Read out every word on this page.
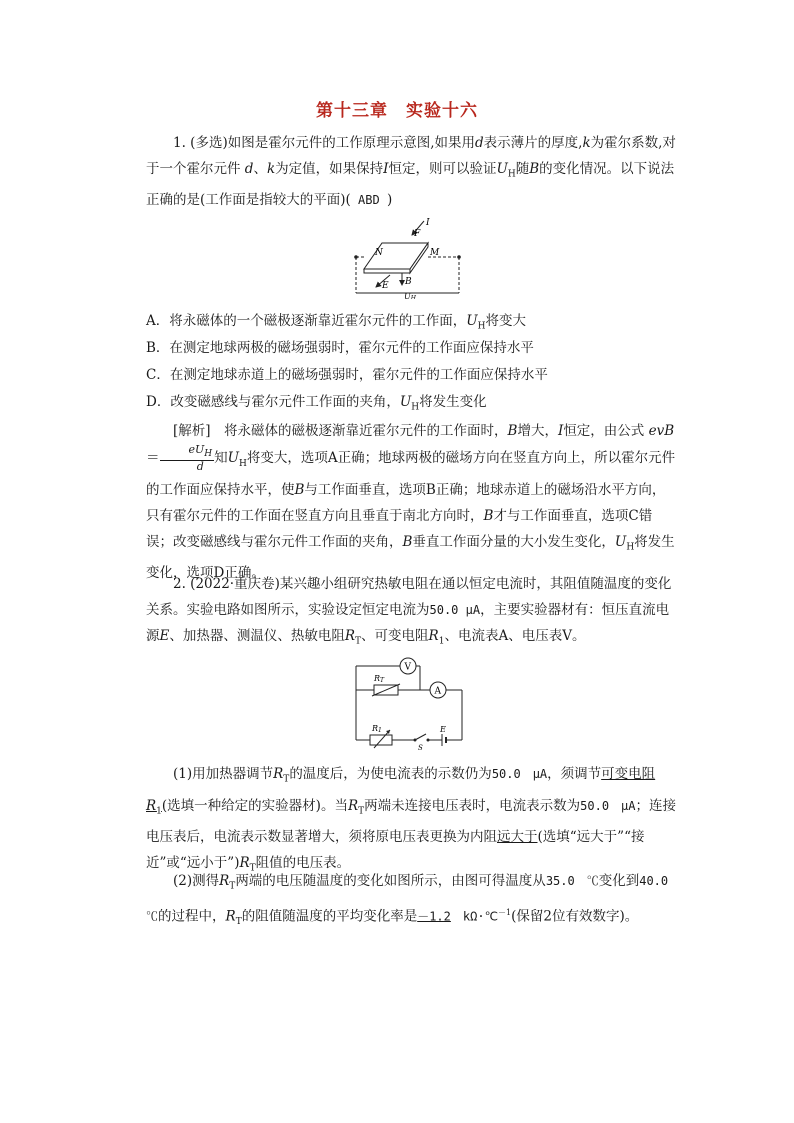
第十三章　实验十六
1. (多选)如图是霍尔元件的工作原理示意图,如果用d表示薄片的厚度,k为霍尔系数,对于一个霍尔元件 d、k为定值，如果保持I恒定，则可以验证$U_H$随B的变化情况。以下说法正确的是(工作面是指较大的平面)( ABD )
I
F
N	M
E B
UH
A．将永磁体的一个磁极逐渐靠近霍尔元件的工作面，$U_H$将变大
B．在测定地球两极的磁场强弱时，霍尔元件的工作面应保持水平
C．在测定地球赤道上的磁场强弱时，霍尔元件的工作面应保持水平
D．改变磁感线与霍尔元件工作面的夹角，$U_H$将发生变化
[解析]　将永磁体的磁极逐渐靠近霍尔元件的工作面时，B增大，I恒定，由公式 $evB= \frac{eU_H}{d}$ 知$U_H$将变大，选项A正确；地球两极的磁场方向在竖直方向上，所以霍尔元件的工作面应保持水平，使B与工作面垂直，选项B正确；地球赤道上的磁场沿水平方向，只有霍尔元件的工作面在竖直方向且垂直于南北方向时，B才与工作面垂直，选项C错误；改变磁感线与霍尔元件工作面的夹角，B垂直工作面分量的大小发生变化，$U_H$将发生变化，选项D正确。
2. (2022·重庆卷)某兴趣小组研究热敏电阻在通以恒定电流时，其阻值随温度的变化关系。实验电路如图所示，实验设定恒定电流为50.0 μA，主要实验器材有：恒压直流电源E、加热器、测温仪、热敏电阻$R_T$、可变电阻$R_1$、电流表A、电压表V。
V
RT
A
R1
S
E
(1)用加热器调节$R_T$的温度后，为使电流表的示数仍为50.0　μA，须调节可变电阻$R_1$(选填一种给定的实验器材)。当$R_T$两端未连接电压表时，电流表示数为50.0　μA；连接电压表后，电流表示数显著增大，须将原电压表更换为内阻远大于(选填“远大于”“接近”或“远小于$”)R_T$阻值的电压表。
(2)测得$R_T$两端的电压随温度的变化如图所示，由图可得温度从35.0　℃变化到40.0　℃的过程中，$R_T$的阻值随温度的平均变化率是－1.2　kΩ·℃$^{-1}$(保留2位有效数字)。
